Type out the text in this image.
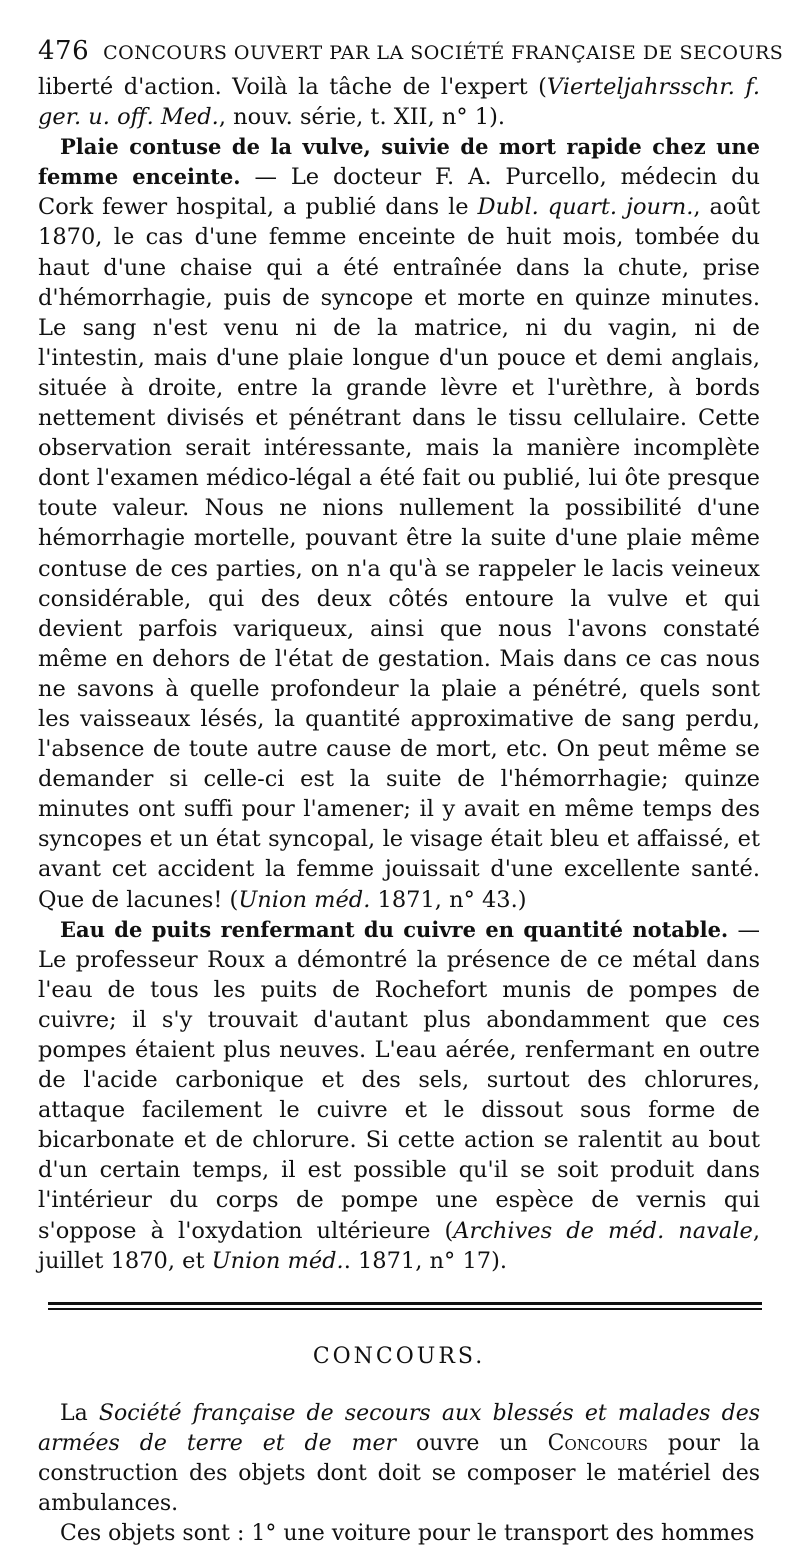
476 CONCOURS OUVERT PAR LA SOCIÉTÉ FRANÇAISE DE SECOURS

liberté d'action. Voilà la tâche de l'expert (Vierteljahrsschr. f. ger. u. off. Med., nouv. série, t. XII, n° 1).

Plaie contuse de la vulve, suivie de mort rapide chez une femme enceinte. — Le docteur F. A. Purcello, médecin du Cork fewer hospital, a publié dans le Dubl. quart. journ., août 1870, le cas d'une femme enceinte de huit mois, tombée du haut d'une chaise qui a été entraînée dans la chute, prise d'hémorrhagie, puis de syncope et morte en quinze minutes. Le sang n'est venu ni de la matrice, ni du vagin, ni de l'intestin, mais d'une plaie longue d'un pouce et demi anglais, située à droite, entre la grande lèvre et l'urèthre, à bords nettement divisés et pénétrant dans le tissu cellulaire. Cette observation serait intéressante, mais la manière incomplète dont l'examen médico-légal a été fait ou publié, lui ôte presque toute valeur. Nous ne nions nullement la possibilité d'une hémorrhagie mortelle, pouvant être la suite d'une plaie même contuse de ces parties, on n'a qu'à se rappeler le lacis veineux considérable, qui des deux côtés entoure la vulve et qui devient parfois variqueux, ainsi que nous l'avons constaté même en dehors de l'état de gestation. Mais dans ce cas nous ne savons à quelle profondeur la plaie a pénétré, quels sont les vaisseaux lésés, la quantité approximative de sang perdu, l'absence de toute autre cause de mort, etc. On peut même se demander si celle-ci est la suite de l'hémorrhagie; quinze minutes ont suffi pour l'amener; il y avait en même temps des syncopes et un état syncopal, le visage était bleu et affaissé, et avant cet accident la femme jouissait d'une excellente santé. Que de lacunes! (Union méd. 1871, n° 43.)

Eau de puits renfermant du cuivre en quantité notable. — Le professeur Roux a démontré la présence de ce métal dans l'eau de tous les puits de Rochefort munis de pompes de cuivre; il s'y trouvait d'autant plus abondamment que ces pompes étaient plus neuves. L'eau aérée, renfermant en outre de l'acide carbonique et des sels, surtout des chlorures, attaque facilement le cuivre et le dissout sous forme de bicarbonate et de chlorure. Si cette action se ralentit au bout d'un certain temps, il est possible qu'il se soit produit dans l'intérieur du corps de pompe une espèce de vernis qui s'oppose à l'oxydation ultérieure (Archives de méd. navale, juillet 1870, et Union méd.. 1871, n° 17).

CONCOURS.

La Société française de secours aux blessés et malades des armées de terre et de mer ouvre un Concours pour la construction des objets dont doit se composer le matériel des ambulances.

Ces objets sont : 1° une voiture pour le transport des hommes
